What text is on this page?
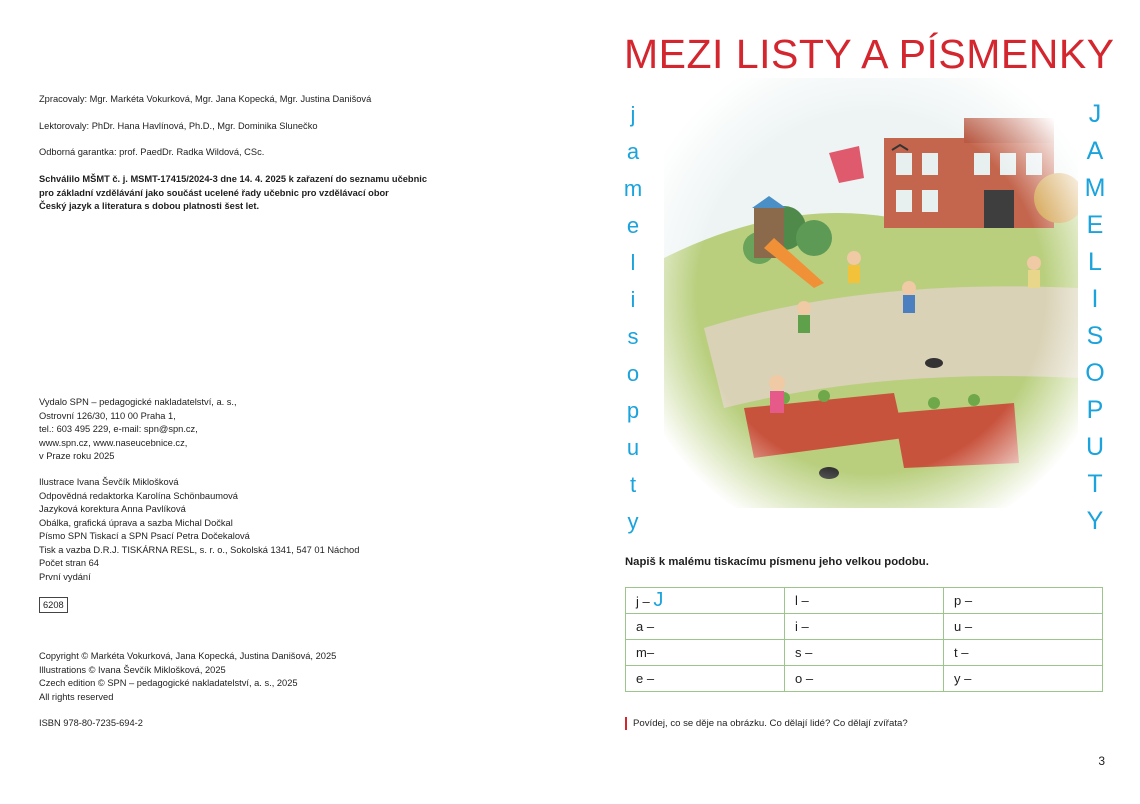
Zpracovaly: Mgr. Markéta Vokurková, Mgr. Jana Kopecká, Mgr. Justina Danišová
Lektorovaly: PhDr. Hana Havlínová, Ph.D., Mgr. Dominika Slunečko
Odborná garantka: prof. PaedDr. Radka Wildová, CSc.
Schválilo MŠMT č. j. MSMT-17415/2024-3 dne 14. 4. 2025 k zařazení do seznamu učebnic
pro základní vzdělávání jako součást ucelené řady učebnic pro vzdělávací obor
Český jazyk a literatura s dobou platnosti šest let.
Vydalo SPN – pedagogické nakladatelství, a. s.,
Ostrovní 126/30, 110 00 Praha 1,
tel.: 603 495 229, e-mail: spn@spn.cz,
www.spn.cz, www.naseucebnice.cz,
v Praze roku 2025
Ilustrace Ivana Ševčík Miklošková
Odpovědná redaktorka Karolína Schönbaumová
Jazyková korektura Anna Pavlíková
Obálka, grafická úprava a sazba Michal Dočkal
Písmo SPN Tiskací a SPN Psací Petra Dočekalová
Tisk a vazba D.R.J. TISKÁRNA RESL, s. r. o., Sokolská 1341, 547 01 Náchod
Počet stran 64
První vydání
6208
Copyright © Markéta Vokurková, Jana Kopecká, Justina Danišová, 2025
Illustrations © Ivana Ševčík Miklošková, 2025
Czech edition © SPN – pedagogické nakladatelství, a. s., 2025
All rights reserved
ISBN 978-80-7235-694-2
MEZI LISTY A PÍSMENKY
j
a
m
e
l
i
s
o
p
u
t
y
J
A
M
E
L
I
S
O
P
U
T
Y
Napiš k malému tiskacímu písmenu jeho velkou podobu.
j – J	l –	p –
a –	i –	u –
m–	s –	t –
e –	o –	y –
Povídej, co se děje na obrázku. Co dělají lidé? Co dělají zvířata?
3
